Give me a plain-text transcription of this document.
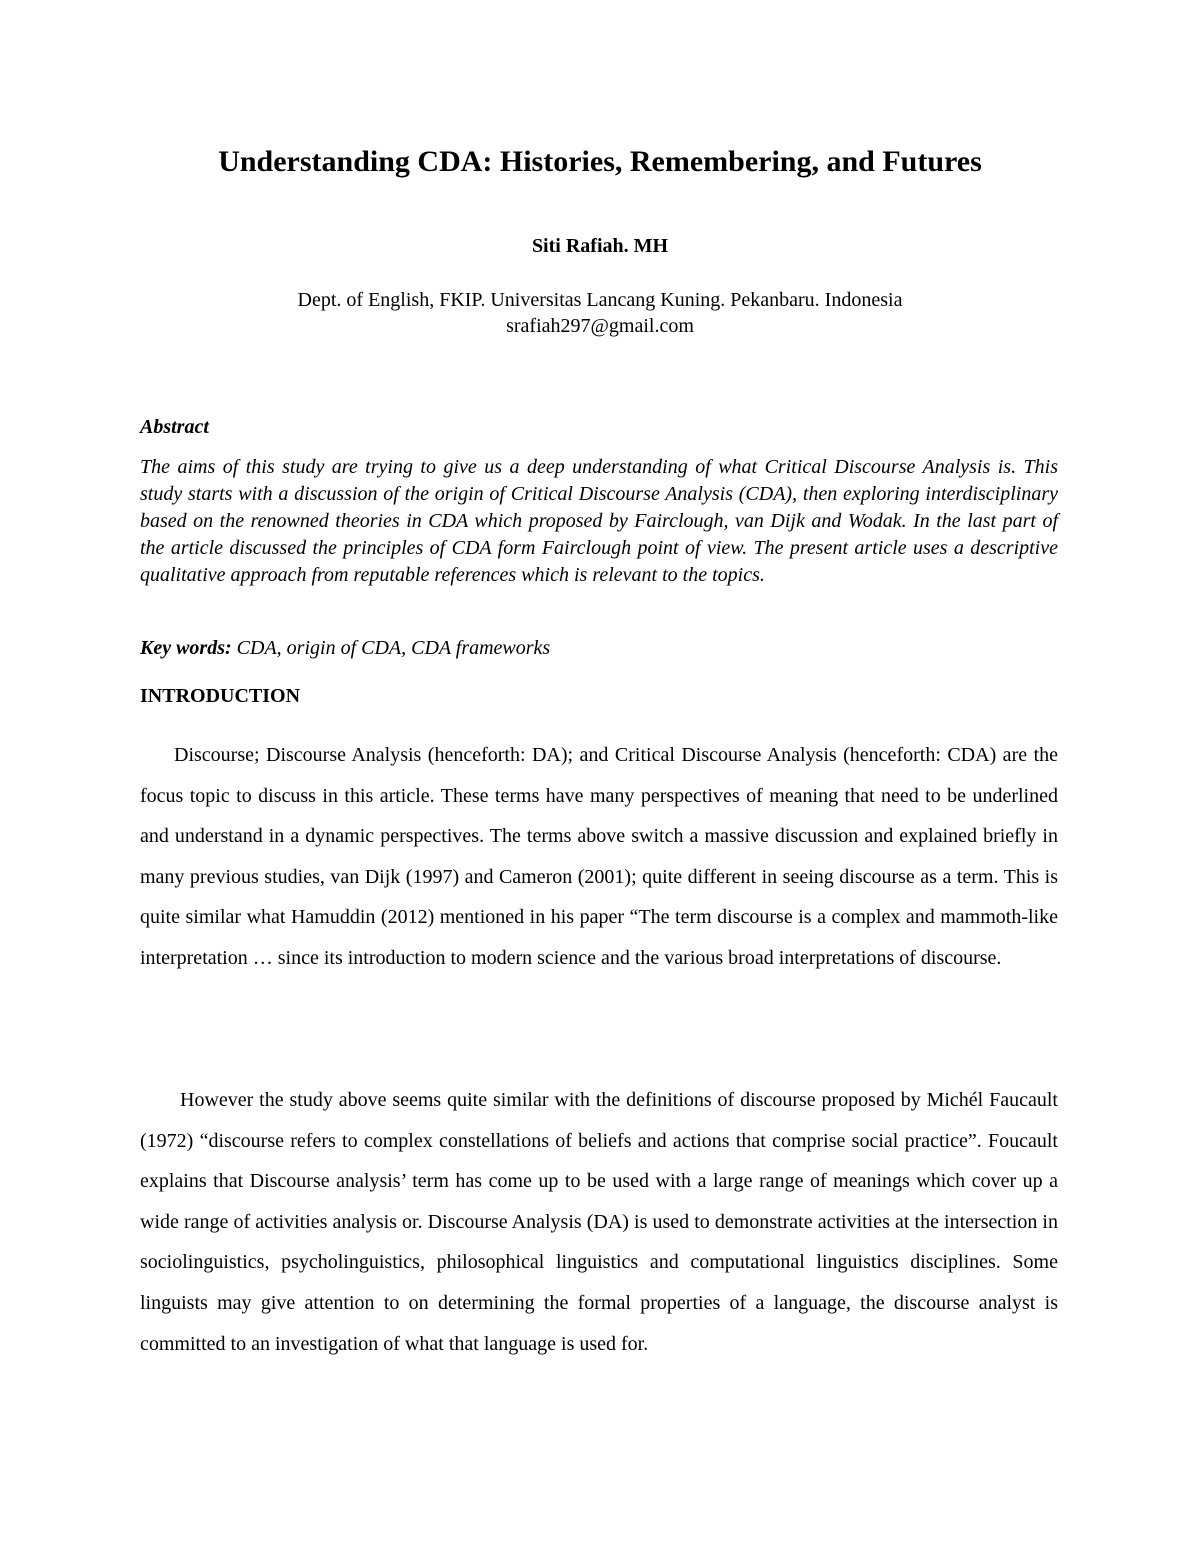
Understanding CDA: Histories, Remembering, and Futures
Siti Rafiah. MH
Dept. of English, FKIP. Universitas Lancang Kuning. Pekanbaru. Indonesia
srafiah297@gmail.com
Abstract

The aims of this study are trying to give us a deep understanding of what Critical Discourse Analysis is. This study starts with a discussion of the origin of Critical Discourse Analysis (CDA), then exploring interdisciplinary based on the renowned theories in CDA which proposed by Fairclough, van Dijk and Wodak. In the last part of the article discussed the principles of CDA form Fairclough point of view. The present article uses a descriptive qualitative approach from reputable references which is relevant to the topics.

Key words: CDA, origin of CDA, CDA frameworks
INTRODUCTION

Discourse; Discourse Analysis (henceforth: DA); and Critical Discourse Analysis (henceforth: CDA) are the focus topic to discuss in this article. These terms have many perspectives of meaning that need to be underlined and understand in a dynamic perspectives. The terms above switch a massive discussion and explained briefly in many previous studies, van Dijk (1997) and Cameron (2001); quite different in seeing discourse as a term. This is quite similar what Hamuddin (2012) mentioned in his paper “The term discourse is a complex and mammoth-like interpretation … since its introduction to modern science and the various broad interpretations of discourse.

However the study above seems quite similar with the definitions of discourse proposed by Michél Faucault (1972) “discourse refers to complex constellations of beliefs and actions that comprise social practice”. Foucault explains that Discourse analysis’ term has come up to be used with a large range of meanings which cover up a wide range of activities analysis or. Discourse Analysis (DA) is used to demonstrate activities at the intersection in sociolinguistics, psycholinguistics, philosophical linguistics and computational linguistics disciplines. Some linguists may give attention to on determining the formal properties of a language, the discourse analyst is committed to an investigation of what that language is used for.
